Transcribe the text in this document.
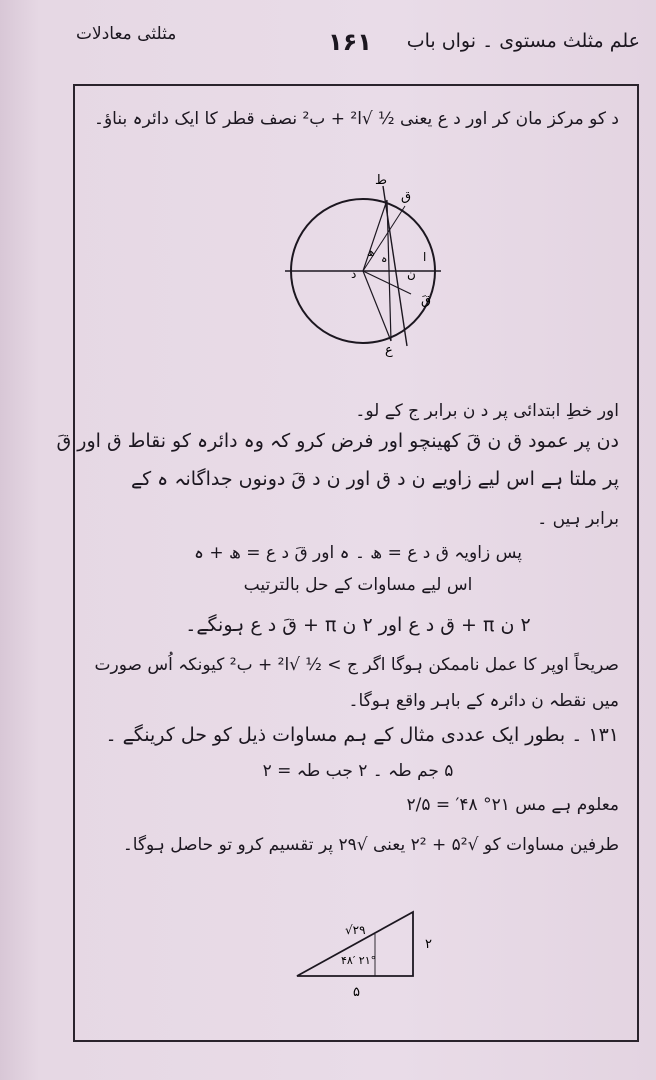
علم مثلث مستوی ۔ نواں باب
۱۶۱
مثلثی معادلات
د کو مرکز مان کر اور د ع یعنی ½ √ا² + ب² نصف قطر کا ایک دائرہ بناؤ۔
ط
ق
د
ا
ہ
ن
ھ
قَ
ع
اور خطِ ابتدائی پر د ن برابر ج کے لو۔
دن پر عمود ق ن قَ کھینچو اور فرض کرو کہ وہ دائرہ کو نقاط ق اور قَ
پر ملتا ہے اس لیے زاویے ن د ق اور ن د قَ دونوں جداگانہ ہ کے
برابر ہیں ۔
پس زاویہ ق د ع = ھ ۔ ہ اور قَ د ع = ھ + ہ
اس لیے مساوات کے حل بالترتیب
۲ ن π + ق د ع اور ۲ ن π + قَ د ع ہونگے۔
صریحاً اوپر کا عمل ناممکن ہوگا اگر ج > ½ √ا² + ب² کیونکہ اُس صورت
میں نقطہ ن دائرہ کے باہر واقع ہوگا۔
۱۳۱ ۔ بطور ایک عددی مثال کے ہم مساوات ذیل کو حل کرینگے ۔
۵ جم طہ ۔ ۲ جب طہ = ۲
معلوم ہے مس ۲۱° ۴۸′ = ۲/۵
طرفین مساوات کو √۵² + ۲² یعنی √۲۹ پر تقسیم کرو تو حاصل ہوگا۔
√۲۹
۴۸′ ۲۱°
۲
۵
